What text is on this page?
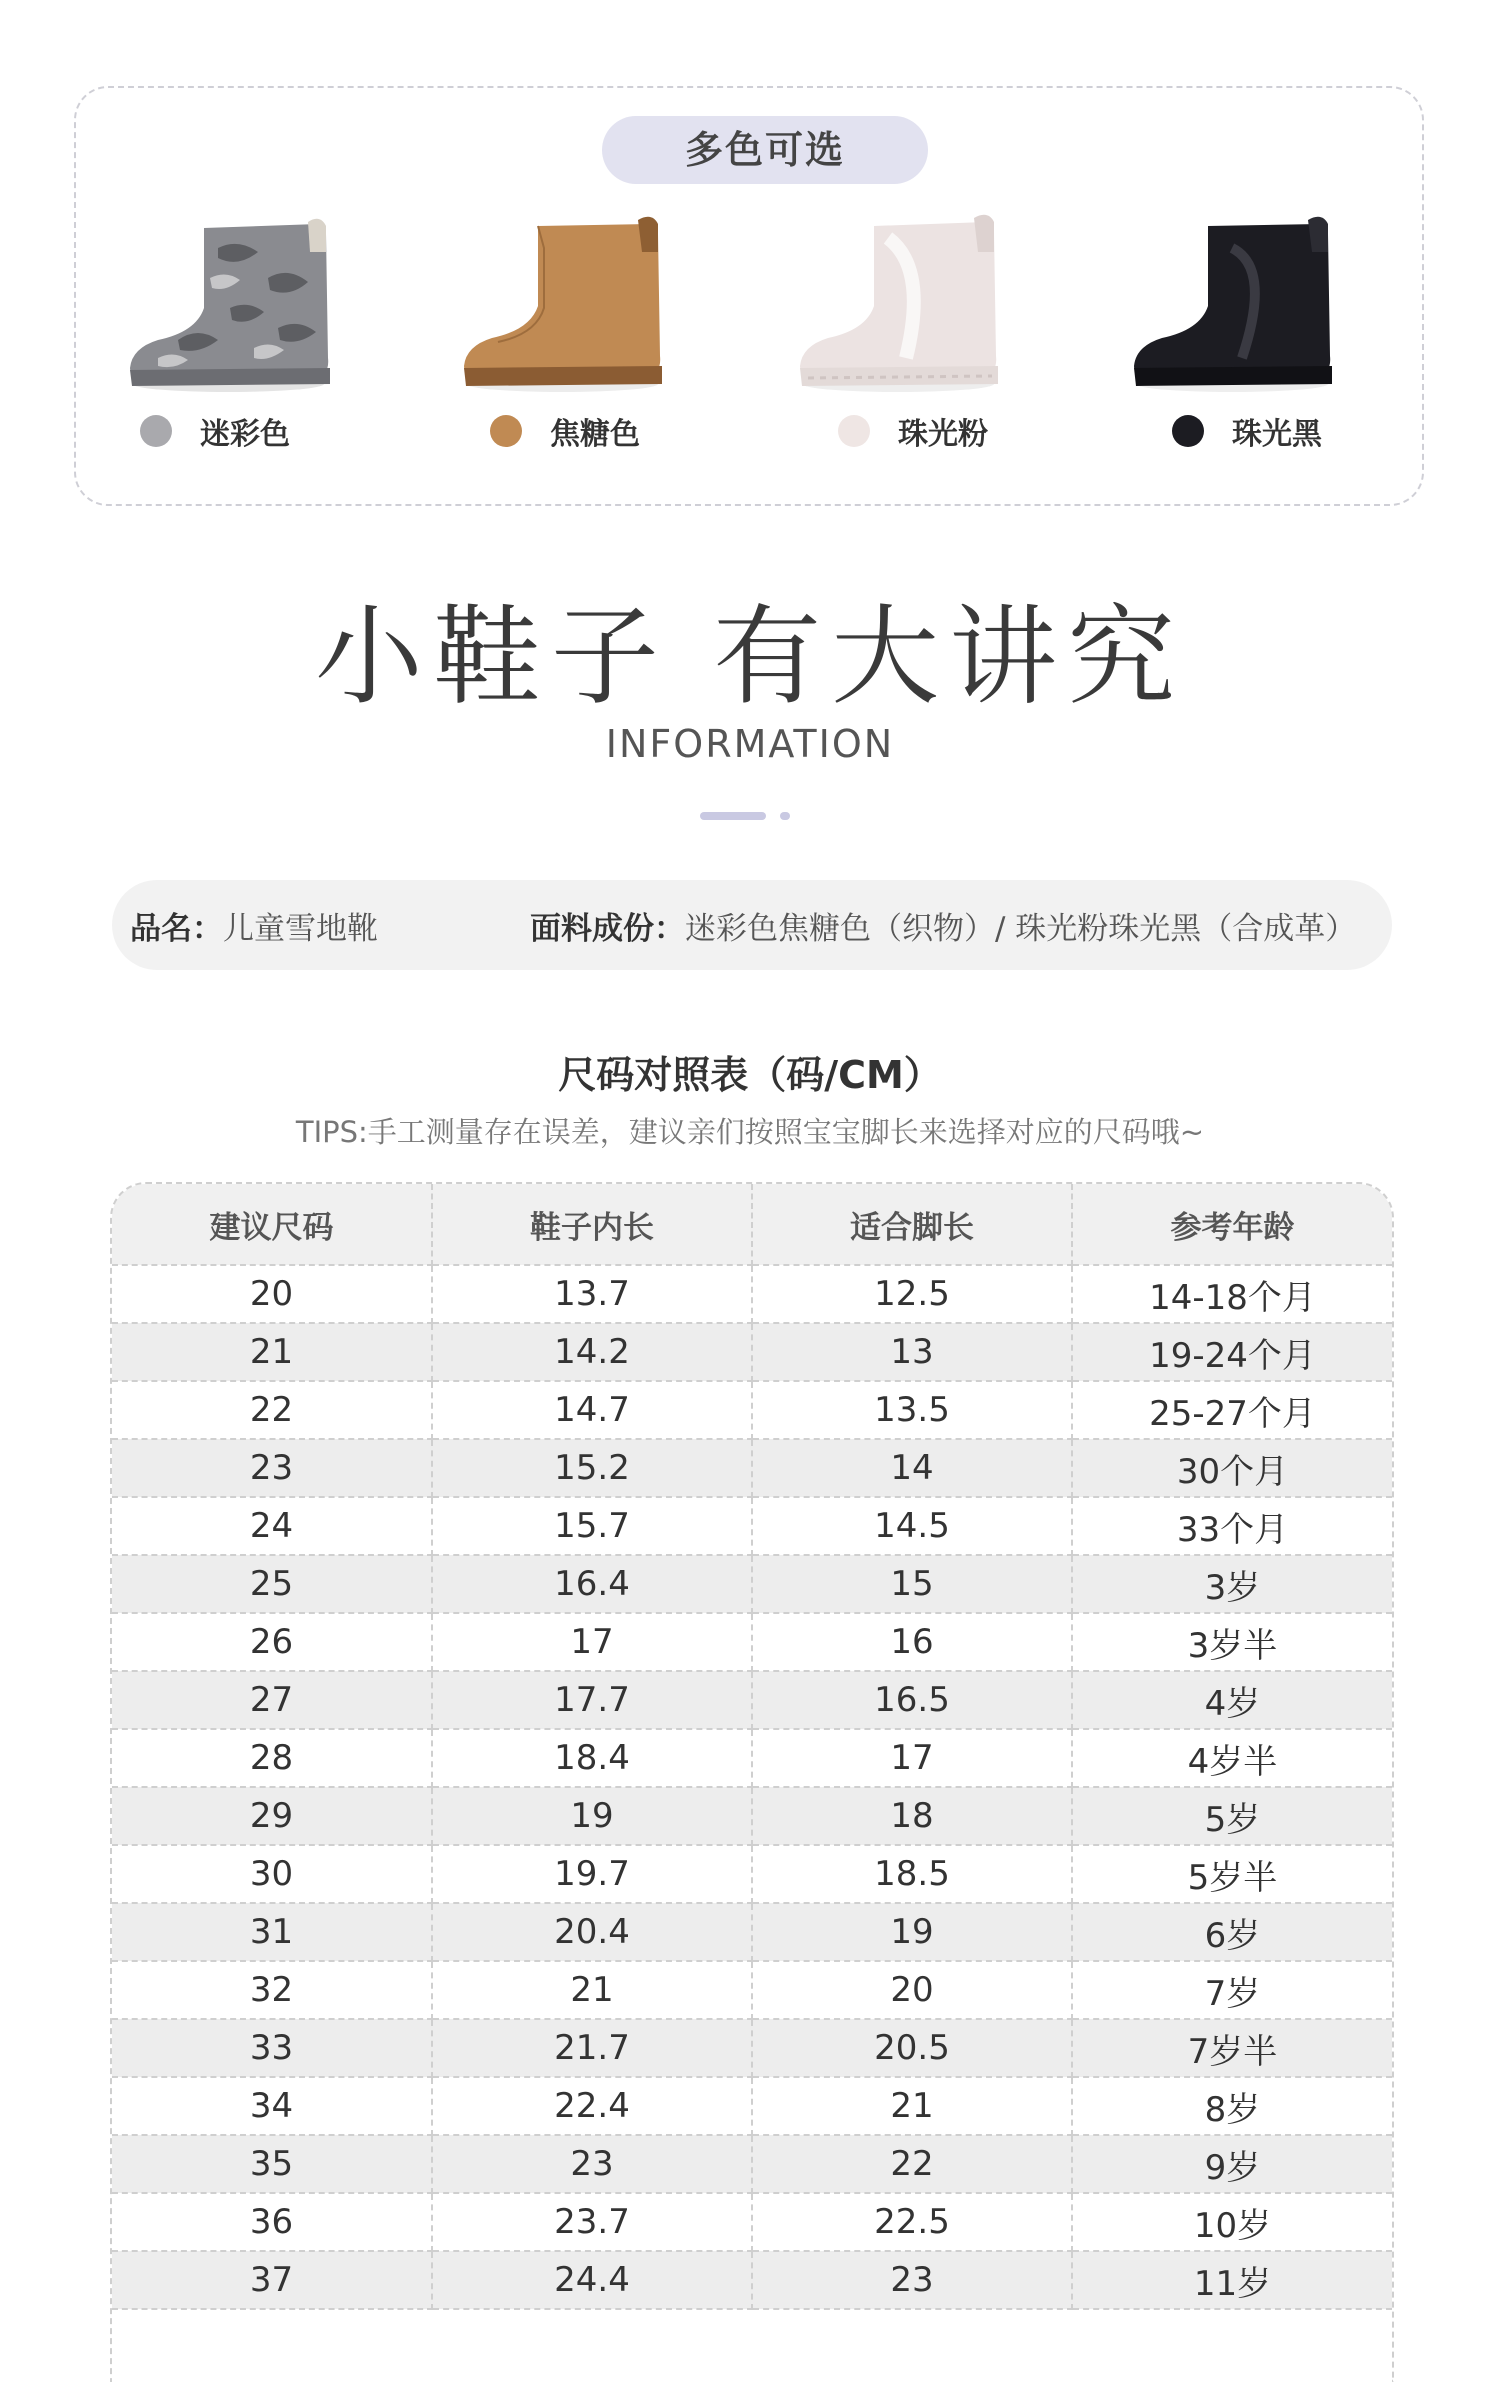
多色可选
迷彩色	焦糖色	珠光粉	珠光黑
小鞋子 有大讲究
INFORMATION
品名：儿童雪地靴	面料成份：迷彩色焦糖色（织物）/ 珠光粉珠光黑（合成革）
尺码对照表（码/CM）
TIPS:手工测量存在误差，建议亲们按照宝宝脚长来选择对应的尺码哦~
建议尺码	鞋子内长	适合脚长	参考年龄
20	13.7	12.5	14-18个月
21	14.2	13	19-24个月
22	14.7	13.5	25-27个月
23	15.2	14	30个月
24	15.7	14.5	33个月
25	16.4	15	3岁
26	17	16	3岁半
27	17.7	16.5	4岁
28	18.4	17	4岁半
29	19	18	5岁
30	19.7	18.5	5岁半
31	20.4	19	6岁
32	21	20	7岁
33	21.7	20.5	7岁半
34	22.4	21	8岁
35	23	22	9岁
36	23.7	22.5	10岁
37	24.4	23	11岁
